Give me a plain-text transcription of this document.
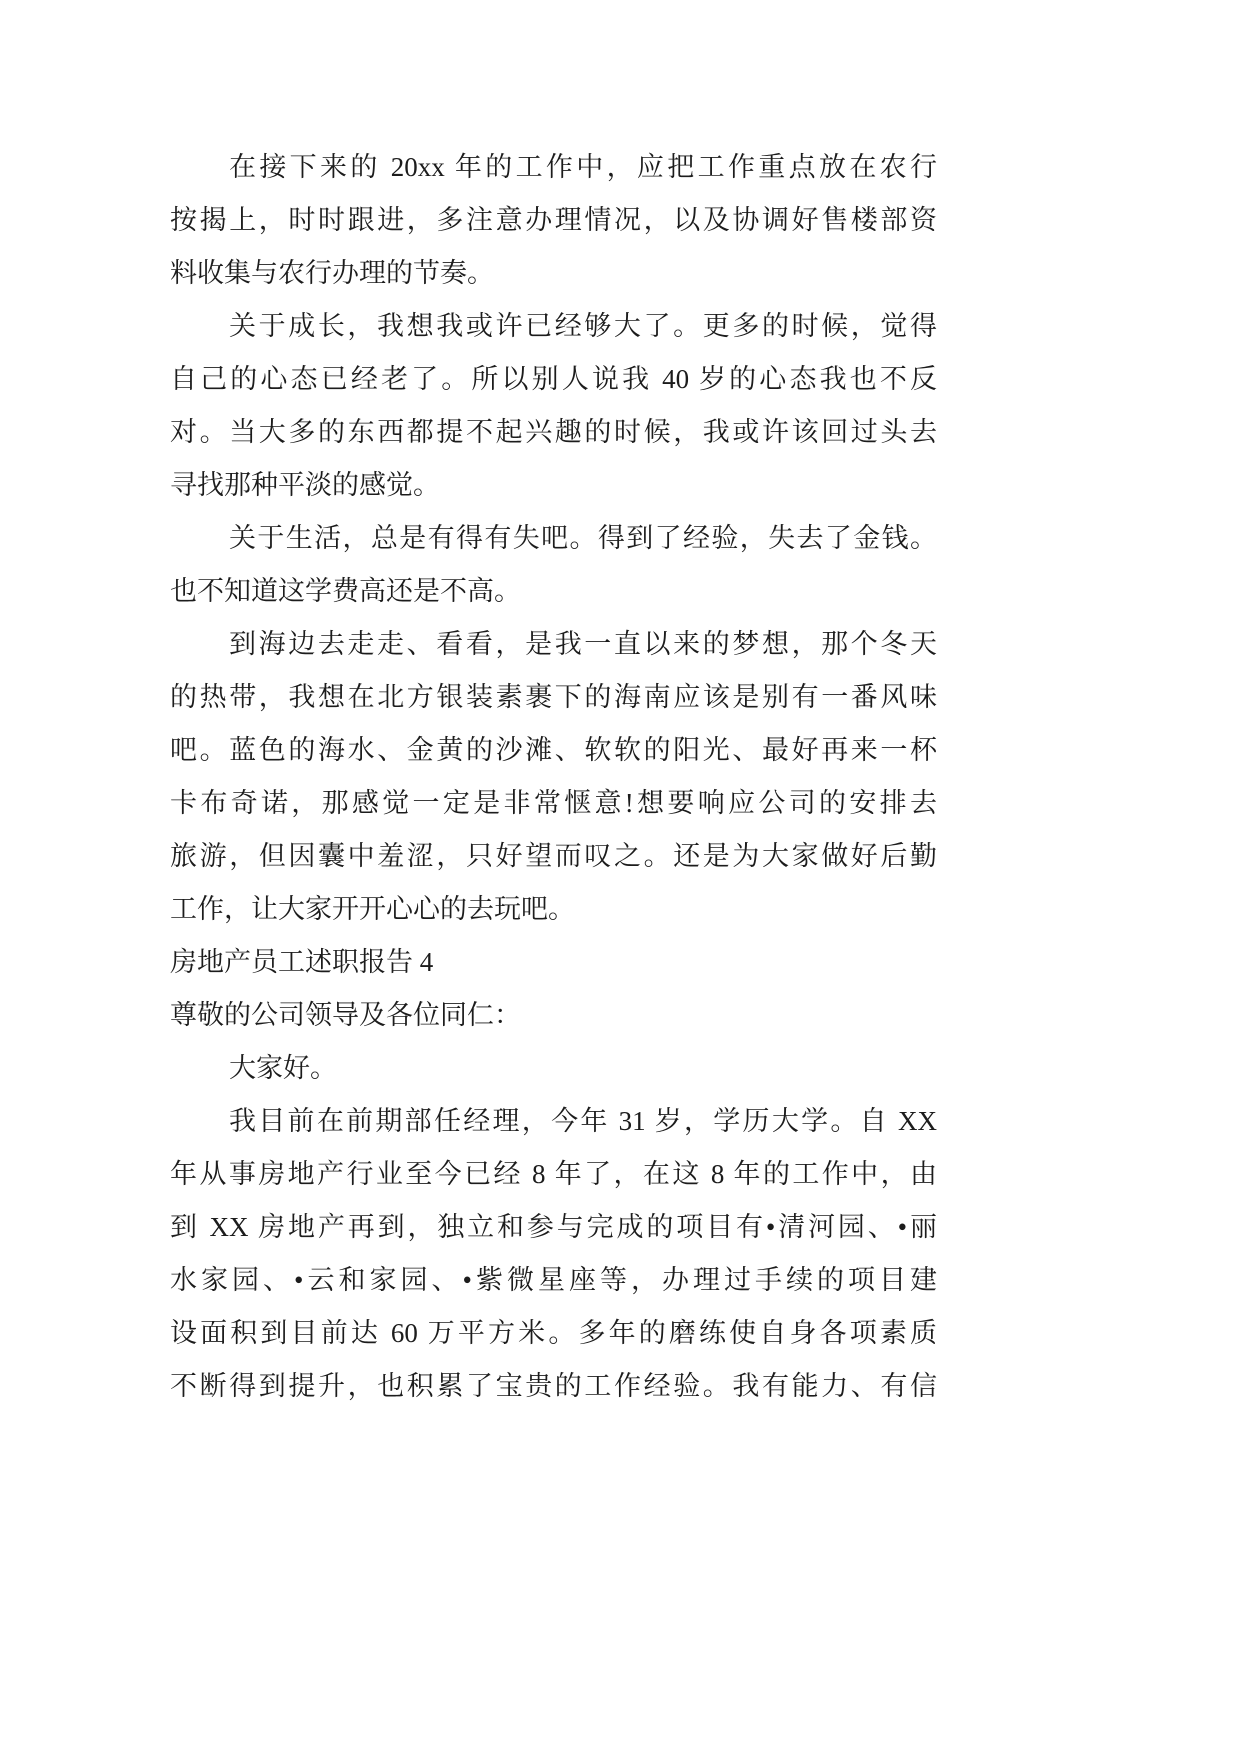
在接下来的 20xx 年的工作中，应把工作重点放在农行
按揭上，时时跟进，多注意办理情况，以及协调好售楼部资
料收集与农行办理的节奏。
关于成长，我想我或许已经够大了。更多的时候，觉得
自己的心态已经老了。所以别人说我 40 岁的心态我也不反
对。当大多的东西都提不起兴趣的时候，我或许该回过头去
寻找那种平淡的感觉。
关于生活，总是有得有失吧。得到了经验，失去了金钱。
也不知道这学费高还是不高。
到海边去走走、看看，是我一直以来的梦想，那个冬天
的热带，我想在北方银装素裹下的海南应该是别有一番风味
吧。蓝色的海水、金黄的沙滩、软软的阳光、最好再来一杯
卡布奇诺，那感觉一定是非常惬意!想要响应公司的安排去
旅游，但因囊中羞涩，只好望而叹之。还是为大家做好后勤
工作，让大家开开心心的去玩吧。
房地产员工述职报告 4
尊敬的公司领导及各位同仁：
大家好。
我目前在前期部任经理，今年 31 岁，学历大学。自 XX
年从事房地产行业至今已经 8 年了，在这 8 年的工作中，由
到 XX 房地产再到，独立和参与完成的项目有•清河园、•丽
水家园、•云和家园、•紫微星座等，办理过手续的项目建
设面积到目前达 60 万平方米。多年的磨练使自身各项素质
不断得到提升，也积累了宝贵的工作经验。我有能力、有信
